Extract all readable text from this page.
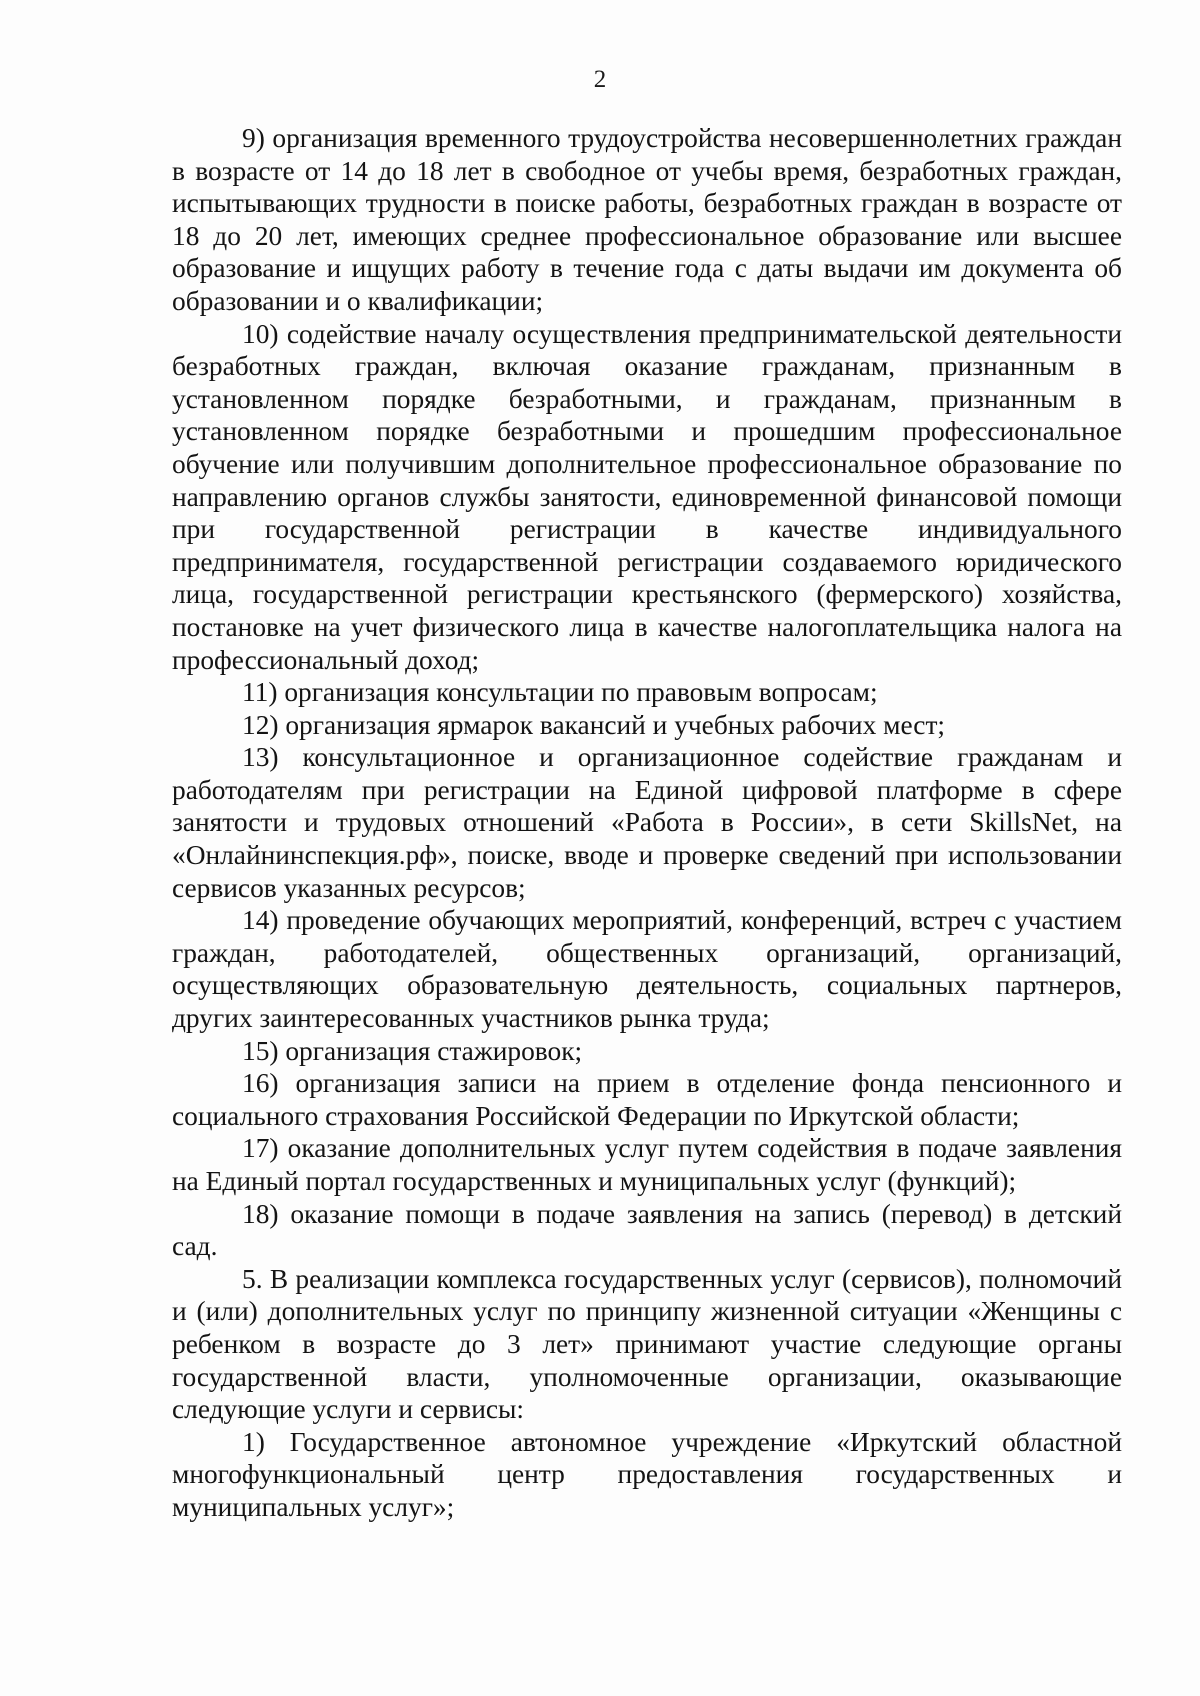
2

9) организация временного трудоустройства несовершеннолетних граждан в возрасте от 14 до 18 лет в свободное от учебы время, безработных граждан, испытывающих трудности в поиске работы, безработных граждан в возрасте от 18 до 20 лет, имеющих среднее профессиональное образование или высшее образование и ищущих работу в течение года с даты выдачи им документа об образовании и о квалификации;

10) содействие началу осуществления предпринимательской деятельности безработных граждан, включая оказание гражданам, признанным в установленном порядке безработными, и гражданам, признанным в установленном порядке безработными и прошедшим профессиональное обучение или получившим дополнительное профессиональное образование по направлению органов службы занятости, единовременной финансовой помощи при государственной регистрации в качестве индивидуального предпринимателя, государственной регистрации создаваемого юридического лица, государственной регистрации крестьянского (фермерского) хозяйства, постановке на учет физического лица в качестве налогоплательщика налога на профессиональный доход;

11) организация консультации по правовым вопросам;

12) организация ярмарок вакансий и учебных рабочих мест;

13) консультационное и организационное содействие гражданам и работодателям при регистрации на Единой цифровой платформе в сфере занятости и трудовых отношений «Работа в России», в сети SkillsNet, на «Онлайнинспекция.рф», поиске, вводе и проверке сведений при использовании сервисов указанных ресурсов;

14) проведение обучающих мероприятий, конференций, встреч с участием граждан, работодателей, общественных организаций, организаций, осуществляющих образовательную деятельность, социальных партнеров, других заинтересованных участников рынка труда;

15) организация стажировок;

16) организация записи на прием в отделение фонда пенсионного и социального страхования Российской Федерации по Иркутской области;

17) оказание дополнительных услуг путем содействия в подаче заявления на Единый портал государственных и муниципальных услуг (функций);

18) оказание помощи в подаче заявления на запись (перевод) в детский сад.

5. В реализации комплекса государственных услуг (сервисов), полномочий и (или) дополнительных услуг по принципу жизненной ситуации «Женщины с ребенком в возрасте до 3 лет» принимают участие следующие органы государственной власти, уполномоченные организации, оказывающие следующие услуги и сервисы:

1) Государственное автономное учреждение «Иркутский областной многофункциональный центр предоставления государственных и муниципальных услуг»;
